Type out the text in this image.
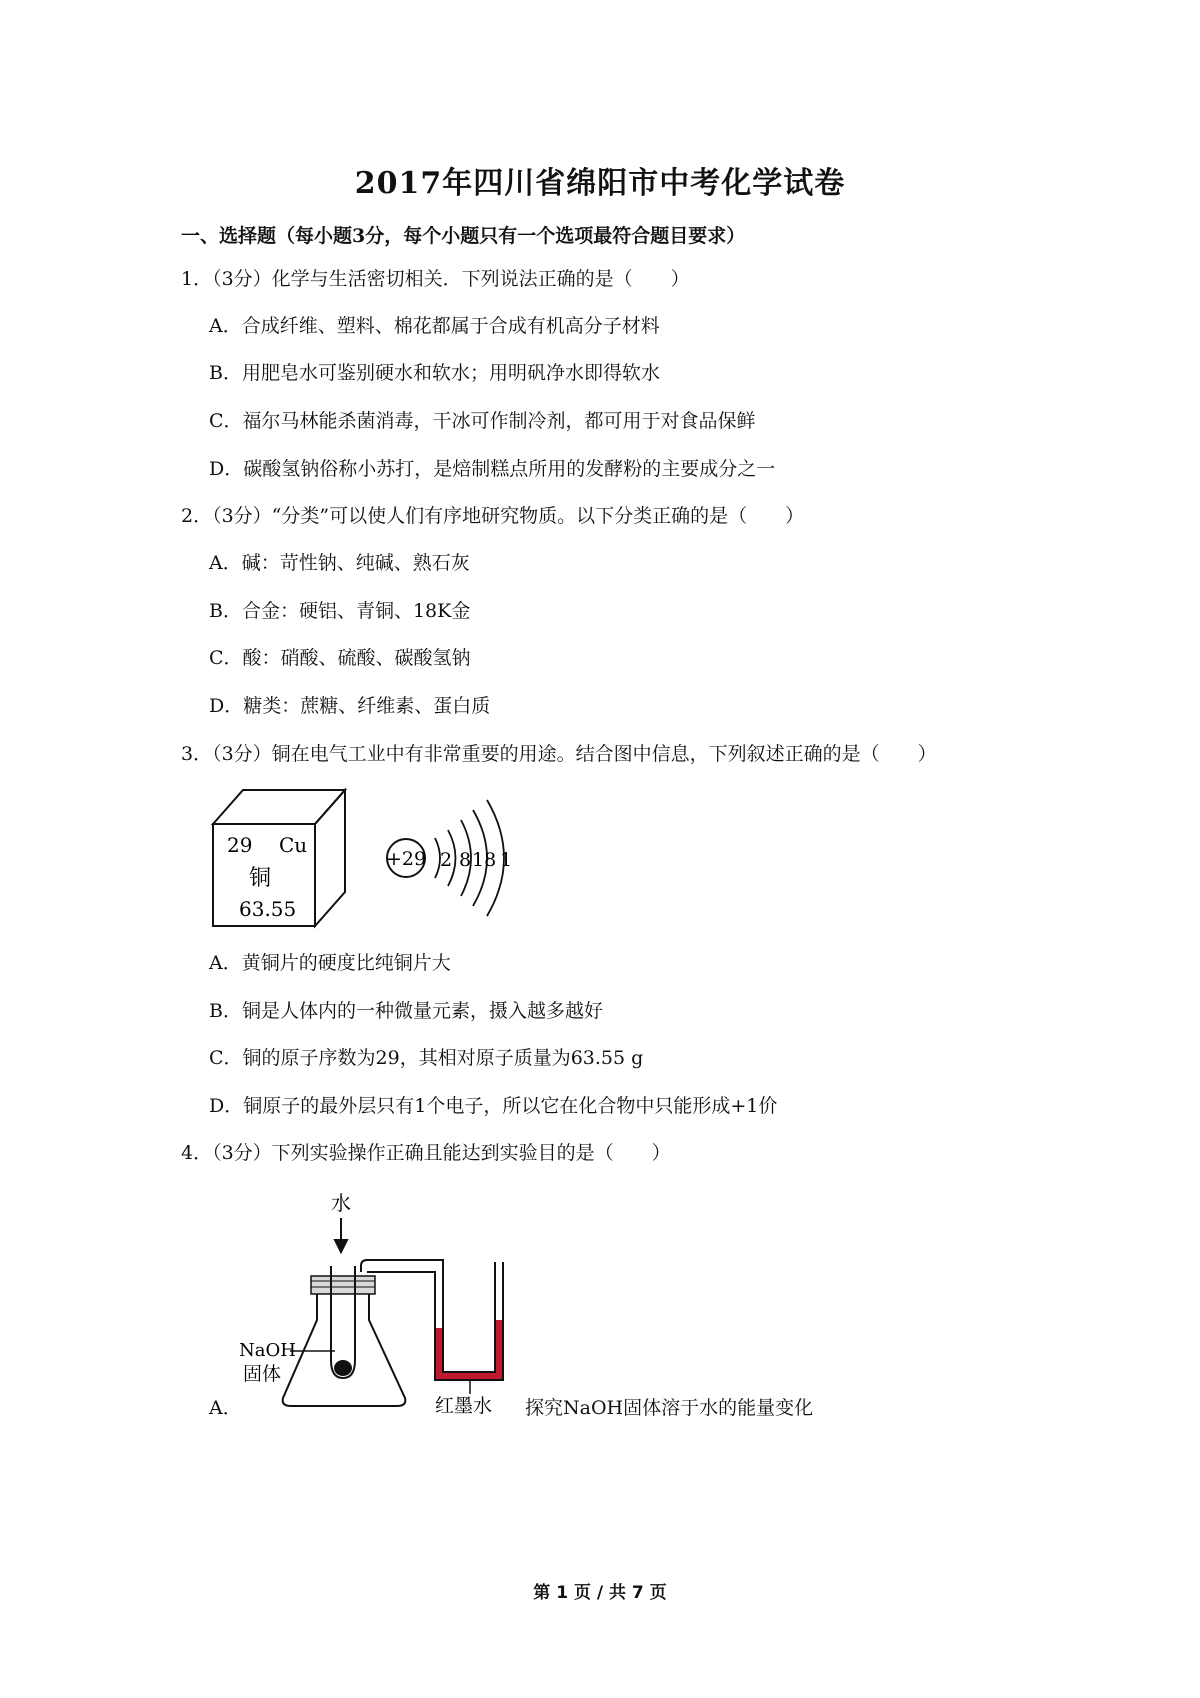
2017年四川省绵阳市中考化学试卷
一、选择题（每小题3分，每个小题只有一个选项最符合题目要求）
1．（3分）化学与生活密切相关．下列说法正确的是（　　）
A．合成纤维、塑料、棉花都属于合成有机高分子材料
B．用肥皂水可鉴别硬水和软水；用明矾净水即得软水
C．福尔马林能杀菌消毒，干冰可作制冷剂，都可用于对食品保鲜
D．碳酸氢钠俗称小苏打，是焙制糕点所用的发酵粉的主要成分之一
2．（3分）“分类”可以使人们有序地研究物质。以下分类正确的是（　　）
A．碱：苛性钠、纯碱、熟石灰
B．合金：硬铝、青铜、18K金
C．酸：硝酸、硫酸、碳酸氢钠
D．糖类：蔗糖、纤维素、蛋白质
3．（3分）铜在电气工业中有非常重要的用途。结合图中信息，下列叙述正确的是（　　）
29 Cu
铜
63.55
+29 2 8 18 1
A．黄铜片的硬度比纯铜片大
B．铜是人体内的一种微量元素，摄入越多越好
C．铜的原子序数为29，其相对原子质量为63.55 g
D．铜原子的最外层只有1个电子，所以它在化合物中只能形成+1价
4．（3分）下列实验操作正确且能达到实验目的是（　　）
水
NaOH
固体
红墨水
A．	探究NaOH固体溶于水的能量变化
第 1 页 / 共 7 页
